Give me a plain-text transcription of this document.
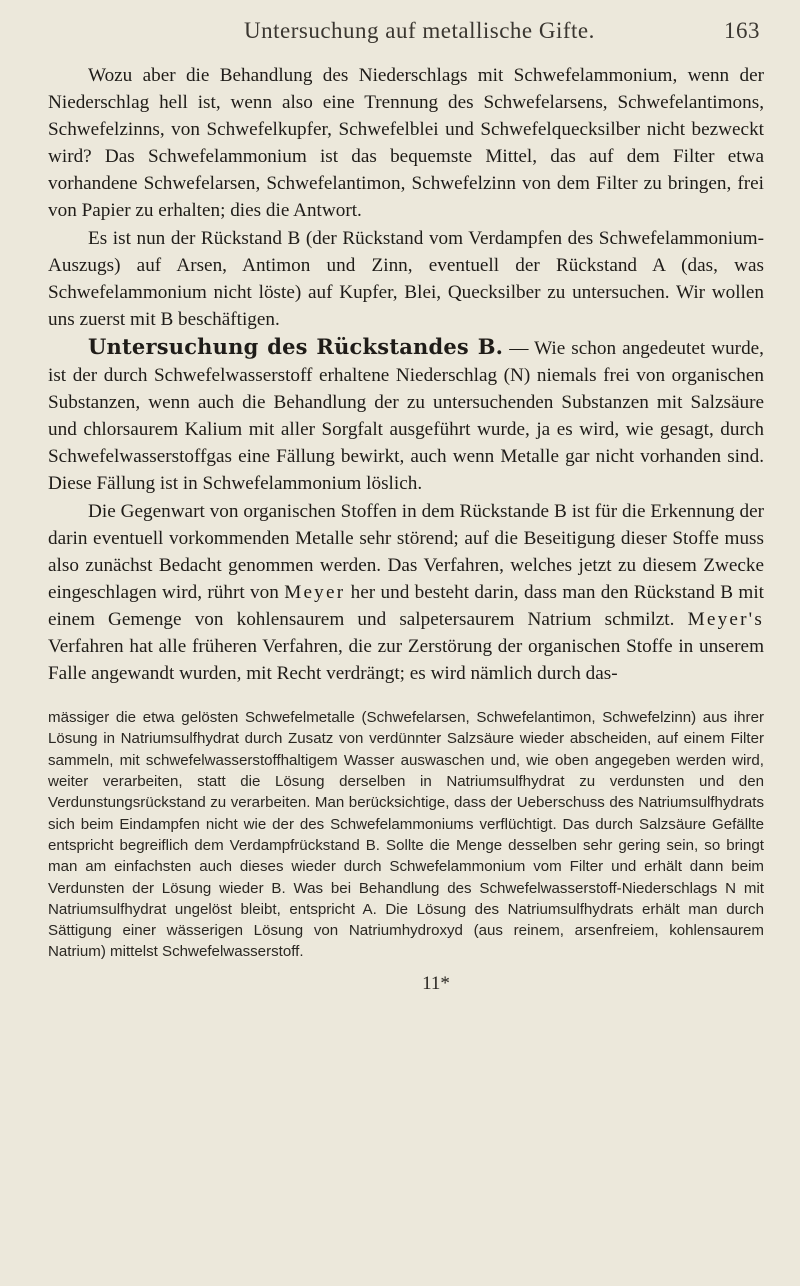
Untersuchung auf metallische Gifte.	163

Wozu aber die Behandlung des Niederschlags mit Schwefelammonium, wenn der Niederschlag hell ist, wenn also eine Trennung des Schwefelarsens, Schwefelantimons, Schwefelzinns, von Schwefelkupfer, Schwefelblei und Schwefelquecksilber nicht bezweckt wird? Das Schwefelammonium ist das bequemste Mittel, das auf dem Filter etwa vorhandene Schwefelarsen, Schwefelantimon, Schwefelzinn von dem Filter zu bringen, frei von Papier zu erhalten; dies die Antwort.

Es ist nun der Rückstand B (der Rückstand vom Verdampfen des Schwefelammonium-Auszugs) auf Arsen, Antimon und Zinn, eventuell der Rückstand A (das, was Schwefelammonium nicht löste) auf Kupfer, Blei, Quecksilber zu untersuchen. Wir wollen uns zuerst mit B beschäftigen.

Untersuchung des Rückstandes B. — Wie schon angedeutet wurde, ist der durch Schwefelwasserstoff erhaltene Niederschlag (N) niemals frei von organischen Substanzen, wenn auch die Behandlung der zu untersuchenden Substanzen mit Salzsäure und chlorsaurem Kalium mit aller Sorgfalt ausgeführt wurde, ja es wird, wie gesagt, durch Schwefelwasserstoffgas eine Fällung bewirkt, auch wenn Metalle gar nicht vorhanden sind. Diese Fällung ist in Schwefelammonium löslich.

Die Gegenwart von organischen Stoffen in dem Rückstande B ist für die Erkennung der darin eventuell vorkommenden Metalle sehr störend; auf die Beseitigung dieser Stoffe muss also zunächst Bedacht genommen werden. Das Verfahren, welches jetzt zu diesem Zwecke eingeschlagen wird, rührt von Meyer her und besteht darin, dass man den Rückstand B mit einem Gemenge von kohlensaurem und salpetersaurem Natrium schmilzt. Meyer's Verfahren hat alle früheren Verfahren, die zur Zerstörung der organischen Stoffe in unserem Falle angewandt wurden, mit Recht verdrängt; es wird nämlich durch das-

mässiger die etwa gelösten Schwefelmetalle (Schwefelarsen, Schwefelantimon, Schwefelzinn) aus ihrer Lösung in Natriumsulfhydrat durch Zusatz von verdünnter Salzsäure wieder abscheiden, auf einem Filter sammeln, mit schwefelwasserstoffhaltigem Wasser auswaschen und, wie oben angegeben werden wird, weiter verarbeiten, statt die Lösung derselben in Natriumsulfhydrat zu verdunsten und den Verdunstungsrückstand zu verarbeiten. Man berücksichtige, dass der Ueberschuss des Natriumsulfhydrats sich beim Eindampfen nicht wie der des Schwefelammoniums verflüchtigt. Das durch Salzsäure Gefällte entspricht begreiflich dem Verdampfrückstand B. Sollte die Menge desselben sehr gering sein, so bringt man am einfachsten auch dieses wieder durch Schwefelammonium vom Filter und erhält dann beim Verdunsten der Lösung wieder B. Was bei Behandlung des Schwefelwasserstoff-Niederschlags N mit Natriumsulfhydrat ungelöst bleibt, entspricht A. Die Lösung des Natriumsulfhydrats erhält man durch Sättigung einer wässerigen Lösung von Natriumhydroxyd (aus reinem, arsenfreiem, kohlensaurem Natrium) mittelst Schwefelwasserstoff.

11*
